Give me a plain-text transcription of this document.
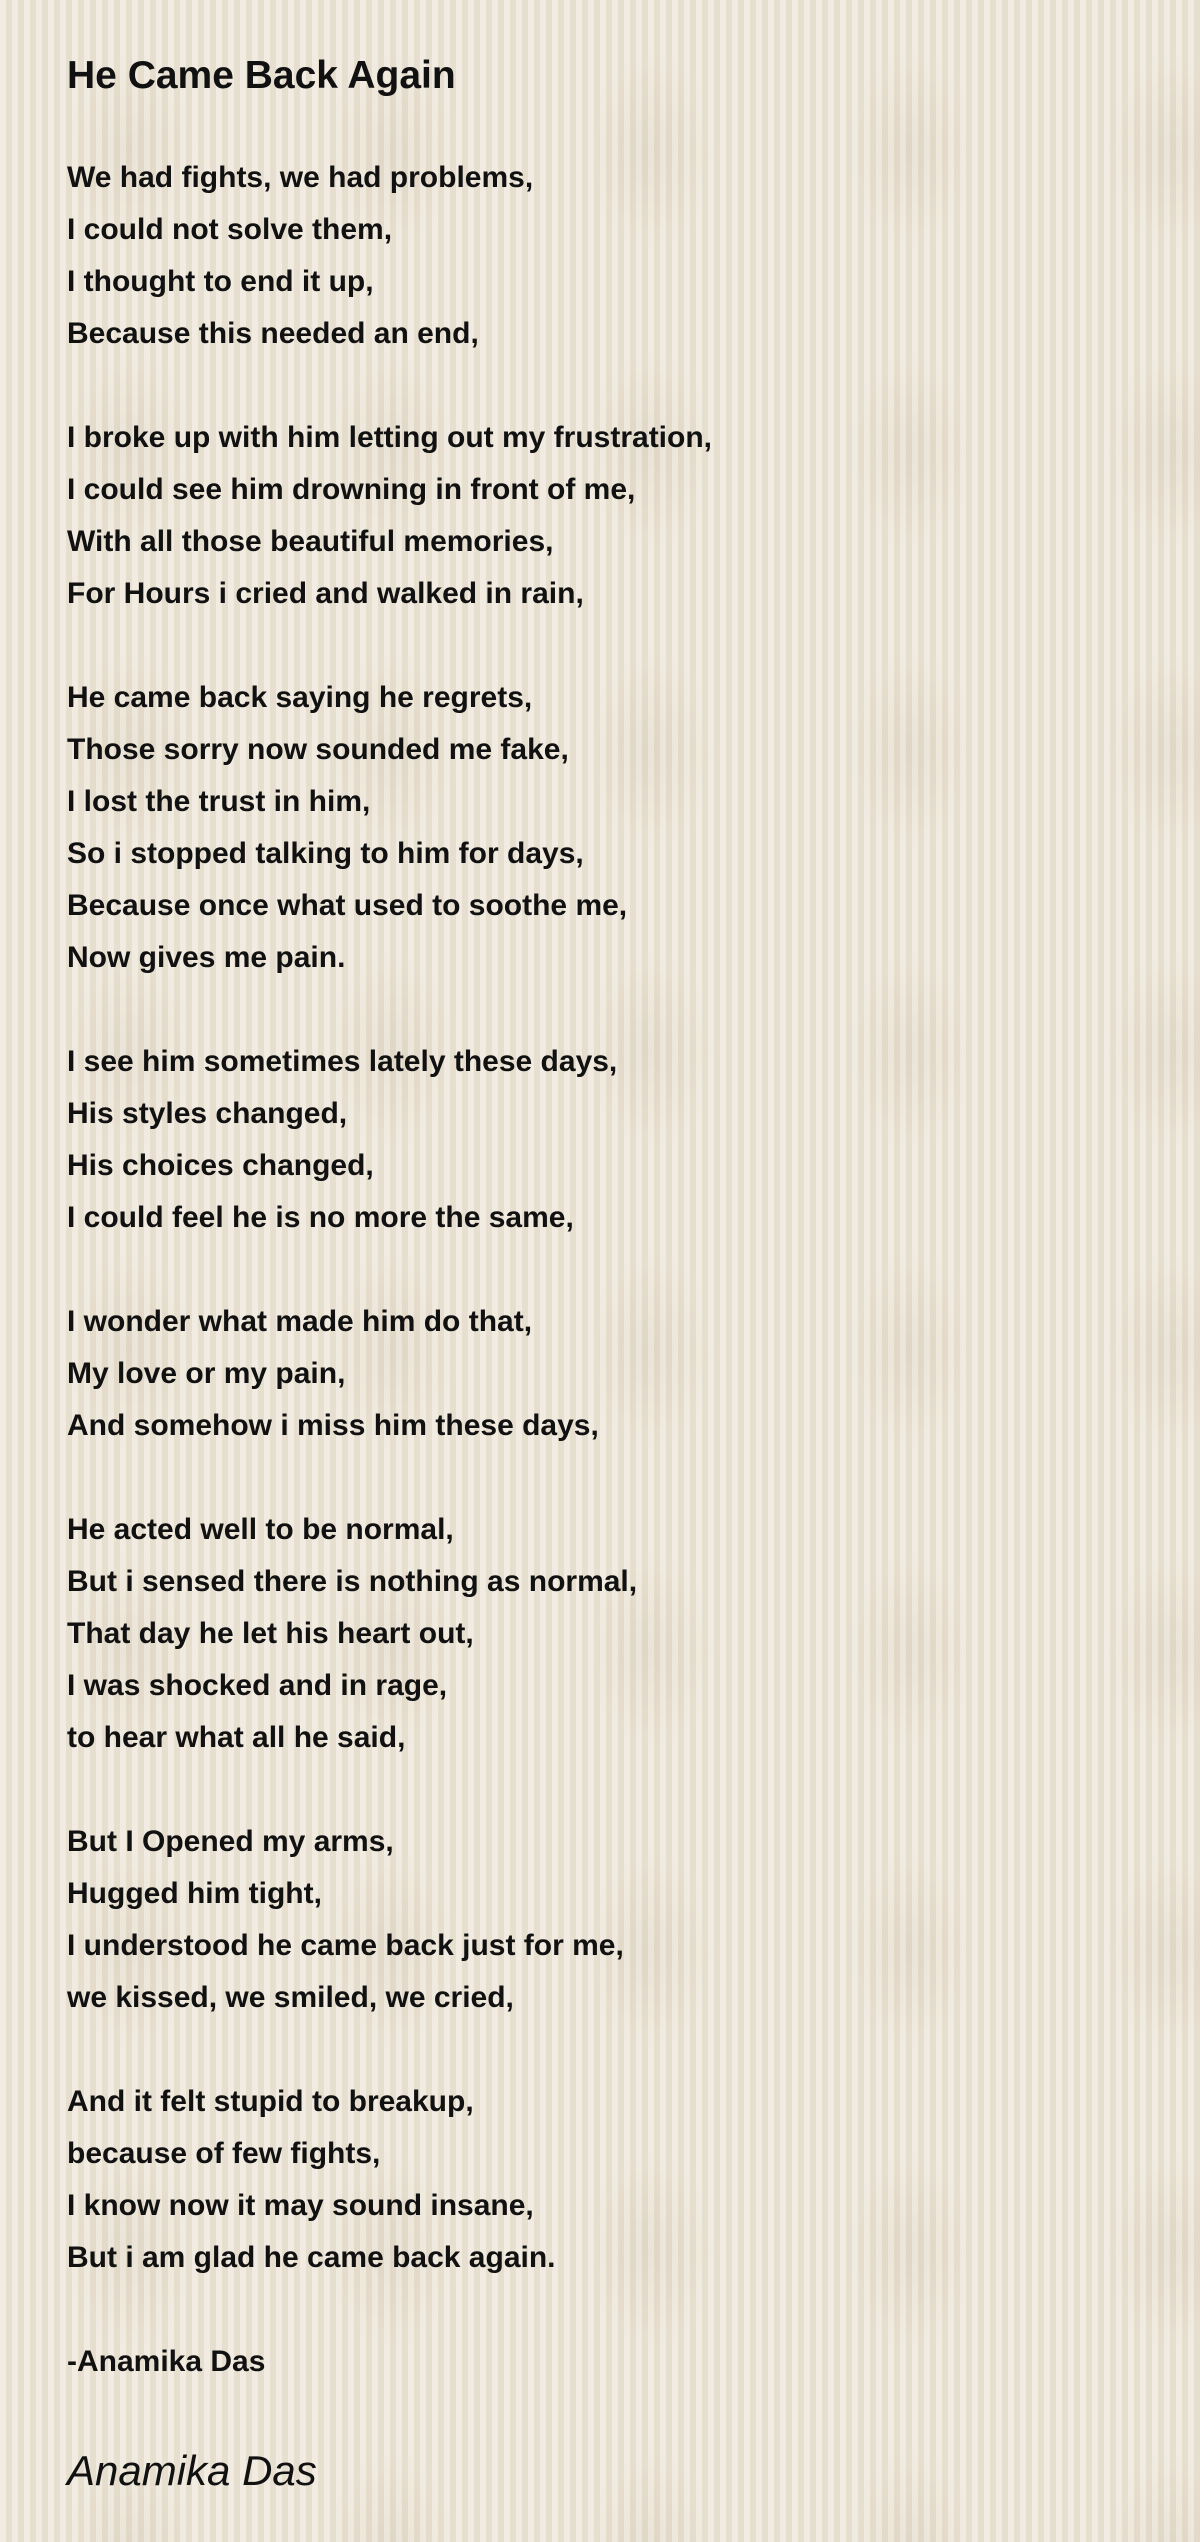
He Came Back Again
We had fights, we had problems,
I could not solve them,
I thought to end it up,
Because this needed an end,
I broke up with him letting out my frustration,
I could see him drowning in front of me,
With all those beautiful memories,
For Hours i cried and walked in rain,
He came back saying he regrets,
Those sorry now sounded me fake,
I lost the trust in him,
So i stopped talking to him for days,
Because once what used to soothe me,
Now gives me pain.
I see him sometimes lately these days,
His styles changed,
His choices changed,
I could feel he is no more the same,
I wonder what made him do that,
My love or my pain,
And somehow i miss him these days,
He acted well to be normal,
But i sensed there is nothing as normal,
That day he let his heart out,
I was shocked and in rage,
to hear what all he said,
But I Opened my arms,
Hugged him tight,
I understood he came back just for me,
we kissed, we smiled, we cried,
And it felt stupid to breakup,
because of few fights,
I know now it may sound insane,
But i am glad he came back again.

-Anamika Das

Anamika Das
